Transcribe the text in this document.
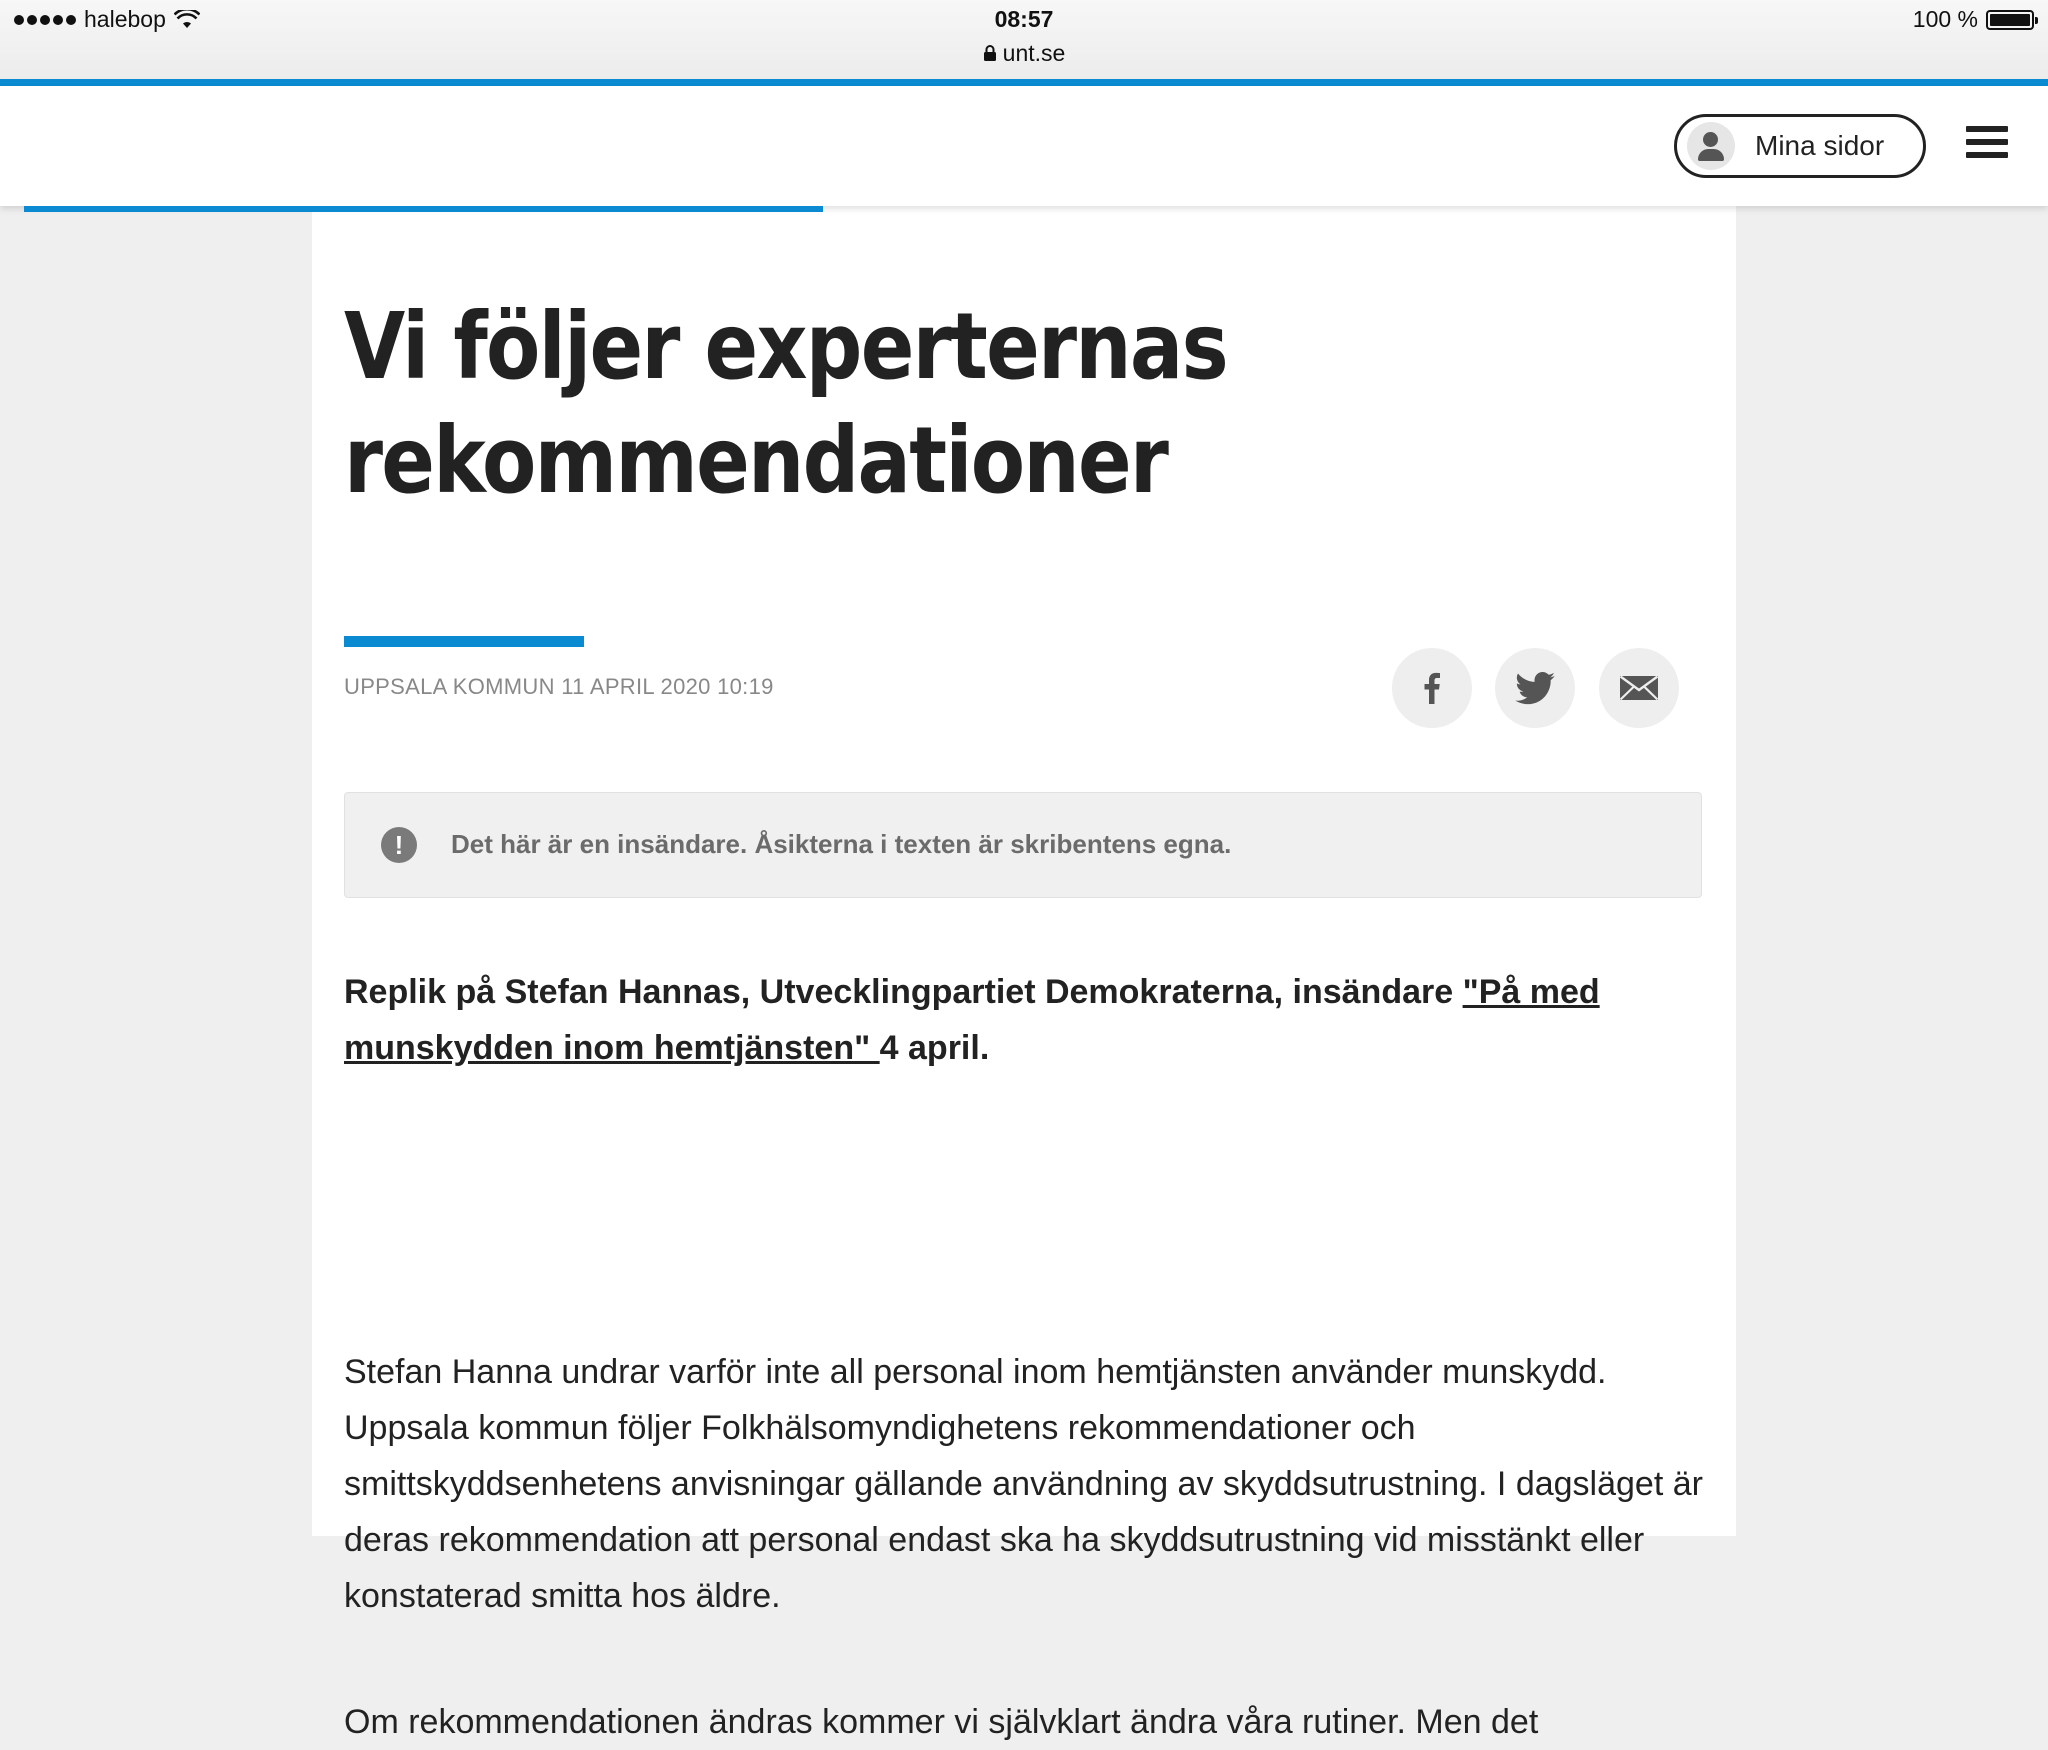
halebop	08:57
unt.se
100 %
Mina sidor
Vi följer experternas
rekommendationer
UPPSALA KOMMUN 11 APRIL 2020 10:19
!	Det här är en insändare. Åsikterna i texten är skribentens egna.
Replik på Stefan Hannas, Utvecklingpartiet Demokraterna, insändare "På med munskydden inom hemtjänsten" 4 april.
Stefan Hanna undrar varför inte all personal inom hemtjänsten använder munskydd. Uppsala kommun följer Folkhälsomyndighetens rekommendationer och smittskyddsenhetens anvisningar gällande användning av skyddsutrustning. I dagsläget är deras rekommendation att personal endast ska ha skyddsutrustning vid misstänkt eller konstaterad smitta hos äldre.
Om rekommendationen ändras kommer vi självklart ändra våra rutiner. Men det
